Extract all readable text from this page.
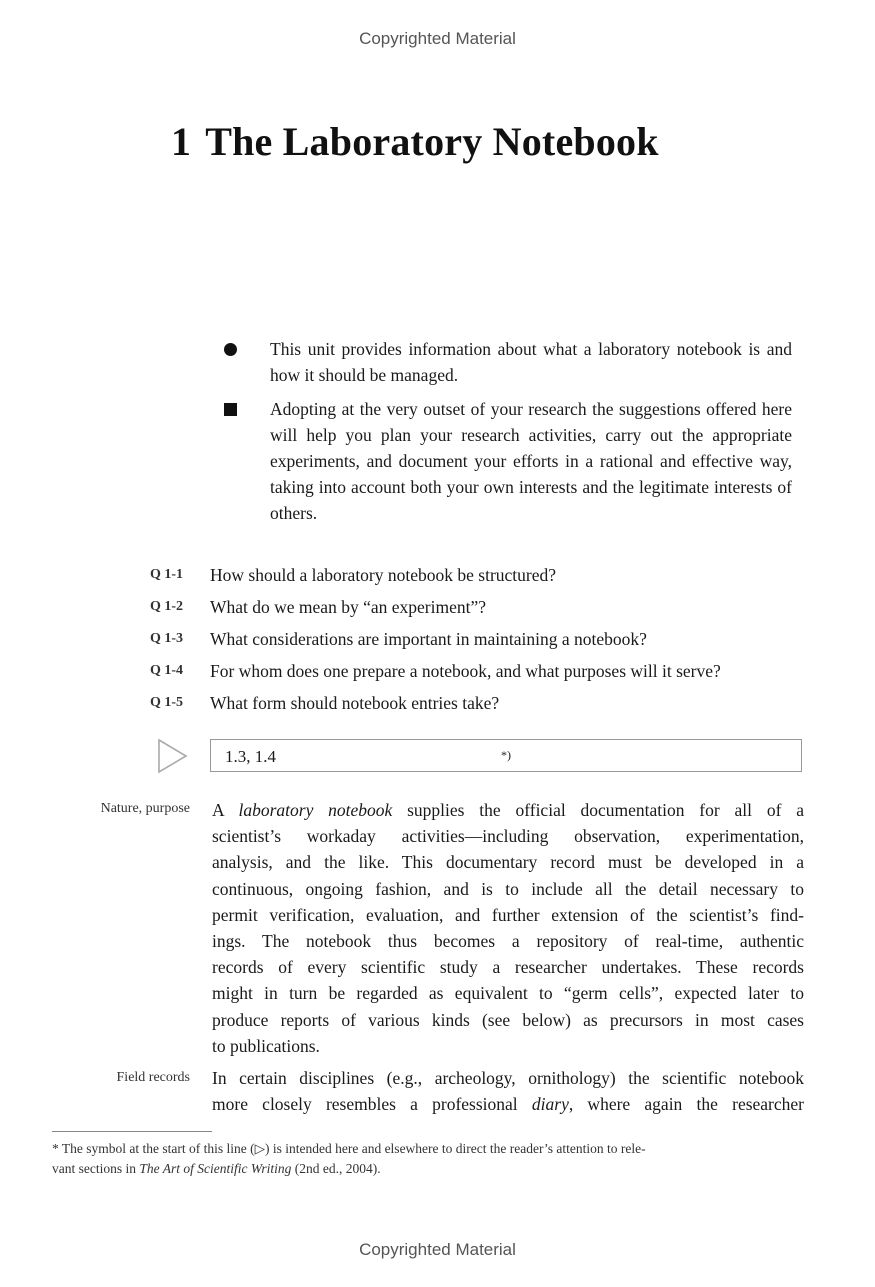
Copyrighted Material
1 The Laboratory Notebook
This unit provides information about what a laboratory notebook is and how it should be managed.
Adopting at the very outset of your research the suggestions offered here will help you plan your research activities, carry out the appropriate experiments, and document your efforts in a rational and effective way, taking into account both your own interests and the legitimate interests of others.
Q 1-1	How should a laboratory notebook be structured?
Q 1-2	What do we mean by “an experiment”?
Q 1-3	What considerations are important in maintaining a notebook?
Q 1-4	For whom does one prepare a notebook, and what purposes will it serve?
Q 1-5	What form should notebook entries take?
1.3, 1.4	*)
Nature, purpose A laboratory notebook supplies the official documentation for all of a
scientist’s workaday activities—including observation, experimentation,
analysis, and the like. This documentary record must be developed in a
continuous, ongoing fashion, and is to include all the detail necessary to
permit verification, evaluation, and further extension of the scientist’s find-
ings. The notebook thus becomes a repository of real-time, authentic
records of every scientific study a researcher undertakes. These records
might in turn be regarded as equivalent to “germ cells”, expected later to
produce reports of various kinds (see below) as precursors in most cases
to publications.
Field records In certain disciplines (e.g., archeology, ornithology) the scientific notebook
more closely resembles a professional diary, where again the researcher
* The symbol at the start of this line (▷) is intended here and elsewhere to direct the reader’s attention to rele-
vant sections in The Art of Scientific Writing (2nd ed., 2004).
Copyrighted Material
